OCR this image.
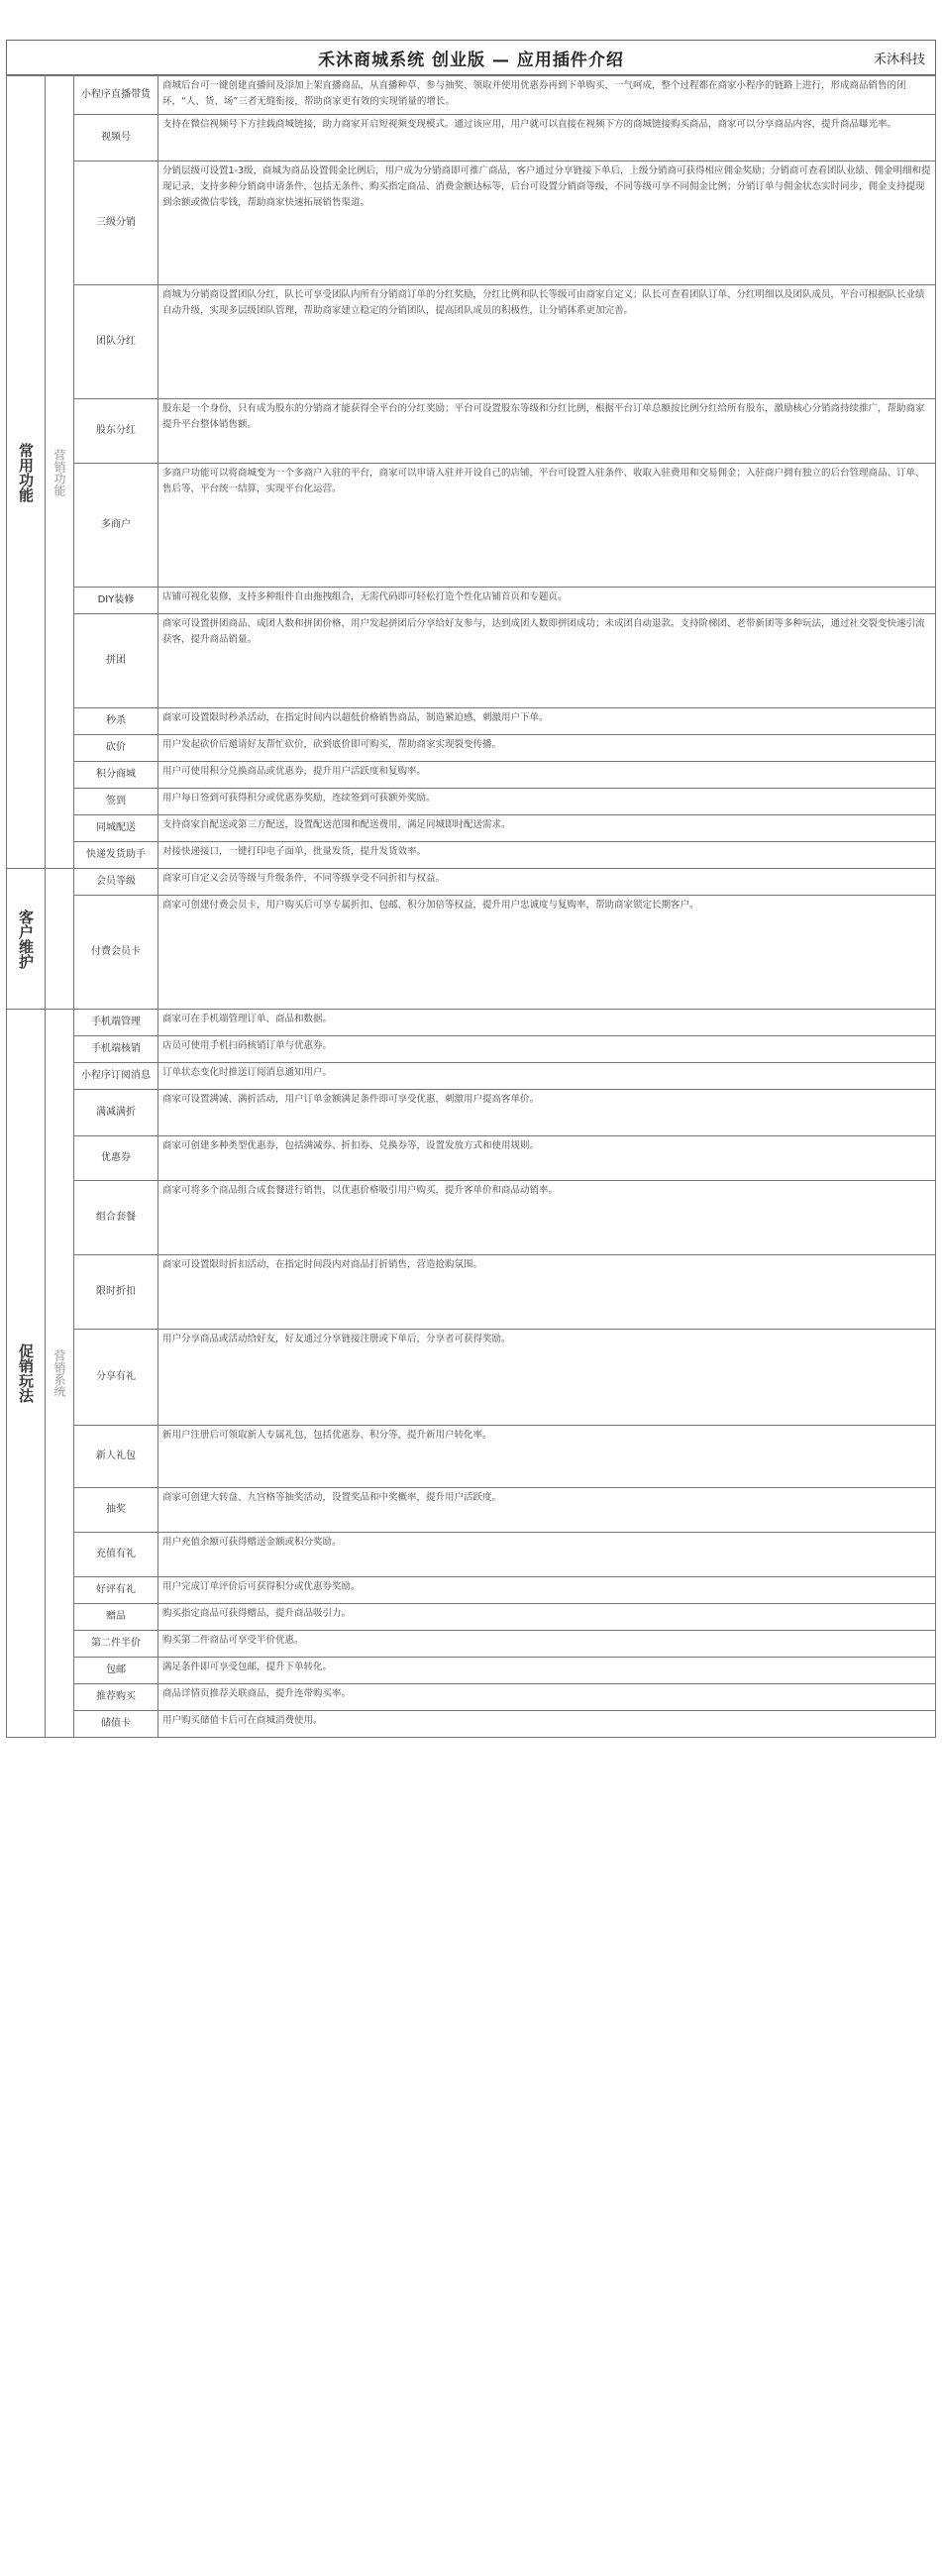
禾沐商城系统 创业版 — 应用插件介绍	禾沐科技
常用功能	营销功能	小程序直播带货	商城后台可一键创建直播间及添加上架直播商品，从直播种草、参与抽奖、领取并使用优惠券再到下单购买，一气呵成，整个过程都在商家小程序的链路上进行，形成商品销售的闭环，“人、货、场”三者无缝衔接，帮助商家更有效的实现销量的增长。
		视频号	支持在微信视频号下方挂载商城链接，助力商家开启短视频变现模式。通过该应用，用户就可以直接在视频下方的商城链接购买商品，商家可以分享商品内容，提升商品曝光率。
		三级分销	分销层级可设置1-3级，商城为商品设置佣金比例后，用户成为分销商即可推广商品，客户通过分享链接下单后，上级分销商可获得相应佣金奖励；分销商可查看团队业绩、佣金明细和提现记录，支持多种分销商申请条件，包括无条件、购买指定商品、消费金额达标等，后台可设置分销商等级，不同等级可享不同佣金比例；分销订单与佣金状态实时同步，佣金支持提现到余额或微信零钱，帮助商家快速拓展销售渠道。
		团队分红	商城为分销商设置团队分红，队长可享受团队内所有分销商订单的分红奖励，分红比例和队长等级可由商家自定义；队长可查看团队订单、分红明细以及团队成员，平台可根据队长业绩自动升级，实现多层级团队管理，帮助商家建立稳定的分销团队，提高团队成员的积极性，让分销体系更加完善。
		股东分红	股东是一个身份，只有成为股东的分销商才能获得全平台的分红奖励；平台可设置股东等级和分红比例，根据平台订单总额按比例分红给所有股东，激励核心分销商持续推广，帮助商家提升平台整体销售额。
		多商户	多商户功能可以将商城变为一个多商户入驻的平台，商家可以申请入驻并开设自己的店铺，平台可设置入驻条件、收取入驻费用和交易佣金；入驻商户拥有独立的后台管理商品、订单、售后等，平台统一结算，实现平台化运营。
		DIY装修	店铺可视化装修，支持多种组件自由拖拽组合，无需代码即可轻松打造个性化店铺首页和专题页。
		拼团	商家可设置拼团商品、成团人数和拼团价格，用户发起拼团后分享给好友参与，达到成团人数即拼团成功；未成团自动退款。支持阶梯团、老带新团等多种玩法，通过社交裂变快速引流获客，提升商品销量。
		秒杀	商家可设置限时秒杀活动，在指定时间内以超低价格销售商品，制造紧迫感，刺激用户下单。
		砍价	用户发起砍价后邀请好友帮忙砍价，砍到底价即可购买，帮助商家实现裂变传播。
		积分商城	用户可使用积分兑换商品或优惠券，提升用户活跃度和复购率。
		签到	用户每日签到可获得积分或优惠券奖励，连续签到可获额外奖励。
		同城配送	支持商家自配送或第三方配送，设置配送范围和配送费用，满足同城即时配送需求。
		快递发货助手	对接快递接口，一键打印电子面单，批量发货，提升发货效率。
客户维护		会员等级	商家可自定义会员等级与升级条件，不同等级享受不同折扣与权益。
		付费会员卡	商家可创建付费会员卡，用户购买后可享专属折扣、包邮、积分加倍等权益，提升用户忠诚度与复购率，帮助商家锁定长期客户。
促销玩法	营销系统	手机端管理	商家可在手机端管理订单、商品和数据。
		手机端核销	店员可使用手机扫码核销订单与优惠券。
		小程序订阅消息	订单状态变化时推送订阅消息通知用户。
		满减满折	商家可设置满减、满折活动，用户订单金额满足条件即可享受优惠，刺激用户提高客单价。
		优惠券	商家可创建多种类型优惠券，包括满减券、折扣券、兑换券等，设置发放方式和使用规则。
		组合套餐	商家可将多个商品组合成套餐进行销售，以优惠价格吸引用户购买，提升客单价和商品动销率。
		限时折扣	商家可设置限时折扣活动，在指定时间段内对商品打折销售，营造抢购氛围。
		分享有礼	用户分享商品或活动给好友，好友通过分享链接注册或下单后，分享者可获得奖励。
		新人礼包	新用户注册后可领取新人专属礼包，包括优惠券、积分等，提升新用户转化率。
		抽奖	商家可创建大转盘、九宫格等抽奖活动，设置奖品和中奖概率，提升用户活跃度。
		充值有礼	用户充值余额可获得赠送金额或积分奖励。
		好评有礼	用户完成订单评价后可获得积分或优惠券奖励。
		赠品	购买指定商品可获得赠品，提升商品吸引力。
		第二件半价	购买第二件商品可享受半价优惠。
		包邮	满足条件即可享受包邮，提升下单转化。
		推荐购买	商品详情页推荐关联商品，提升连带购买率。
		储值卡	用户购买储值卡后可在商城消费使用。
